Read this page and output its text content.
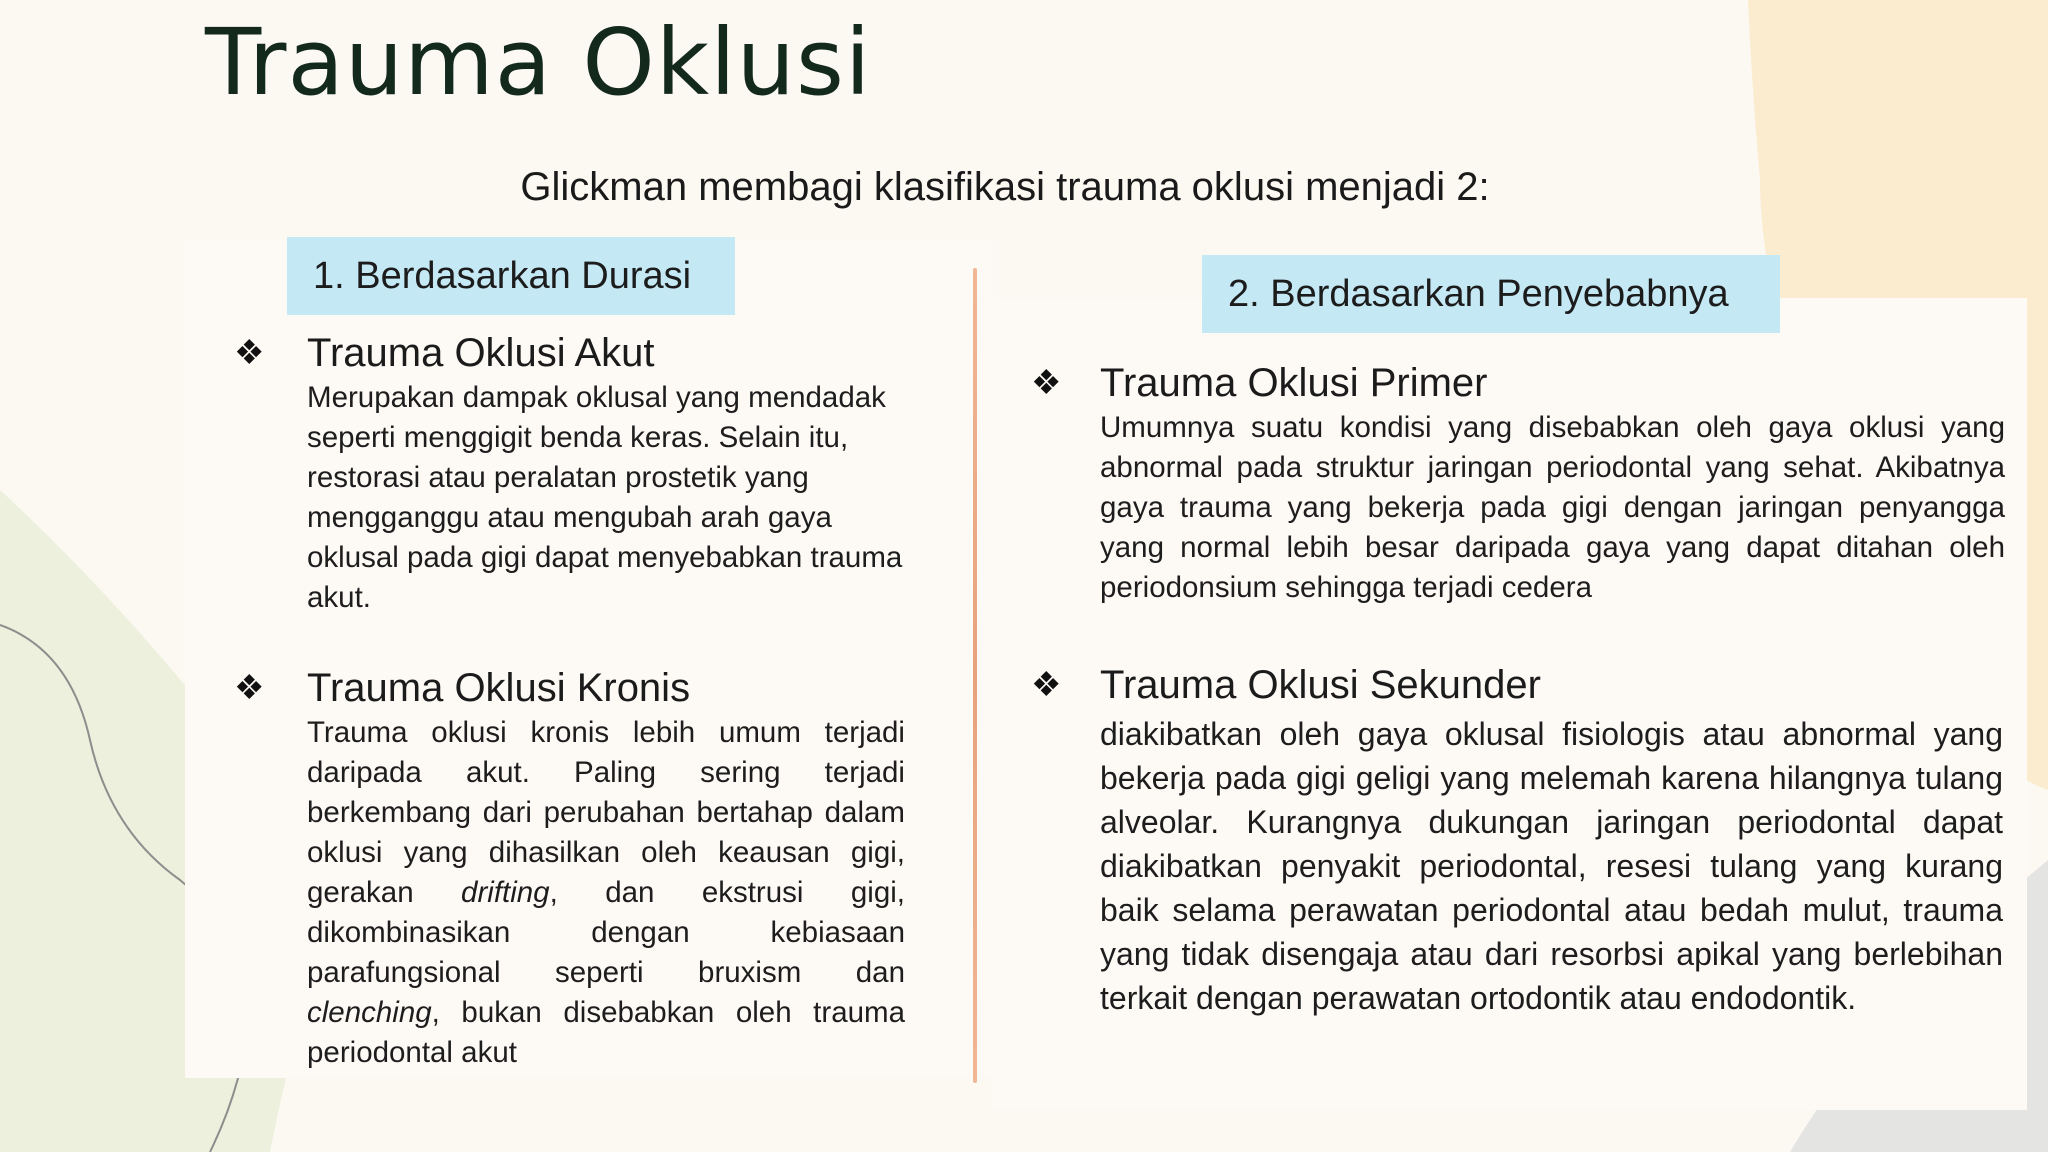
Trauma Oklusi
Glickman membagi klasifikasi trauma oklusi menjadi 2:
1. Berdasarkan Durasi
❖ Trauma Oklusi Akut

Merupakan dampak oklusal yang mendadak seperti menggigit benda keras. Selain itu, restorasi atau peralatan prostetik yang mengganggu atau mengubah arah gaya oklusal pada gigi dapat menyebabkan trauma akut.

❖ Trauma Oklusi Kronis

Trauma oklusi kronis lebih umum terjadi daripada akut. Paling sering terjadi berkembang dari perubahan bertahap dalam oklusi yang dihasilkan oleh keausan gigi, gerakan drifting, dan ekstrusi gigi, dikombinasikan dengan kebiasaan parafungsional seperti bruxism dan clenching, bukan disebabkan oleh trauma periodontal akut

2. Berdasarkan Penyebabnya
❖ Trauma Oklusi Primer

Umumnya suatu kondisi yang disebabkan oleh gaya oklusi yang abnormal pada struktur jaringan periodontal yang sehat. Akibatnya gaya trauma yang bekerja pada gigi dengan jaringan penyangga yang normal lebih besar daripada gaya yang dapat ditahan oleh periodonsium sehingga terjadi cedera

❖ Trauma Oklusi Sekunder

diakibatkan oleh gaya oklusal fisiologis atau abnormal yang bekerja pada gigi geligi yang melemah karena hilangnya tulang alveolar. Kurangnya dukungan jaringan periodontal dapat diakibatkan penyakit periodontal, resesi tulang yang kurang baik selama perawatan periodontal atau bedah mulut, trauma yang tidak disengaja atau dari resorbsi apikal yang berlebihan terkait dengan perawatan ortodontik atau endodontik.
